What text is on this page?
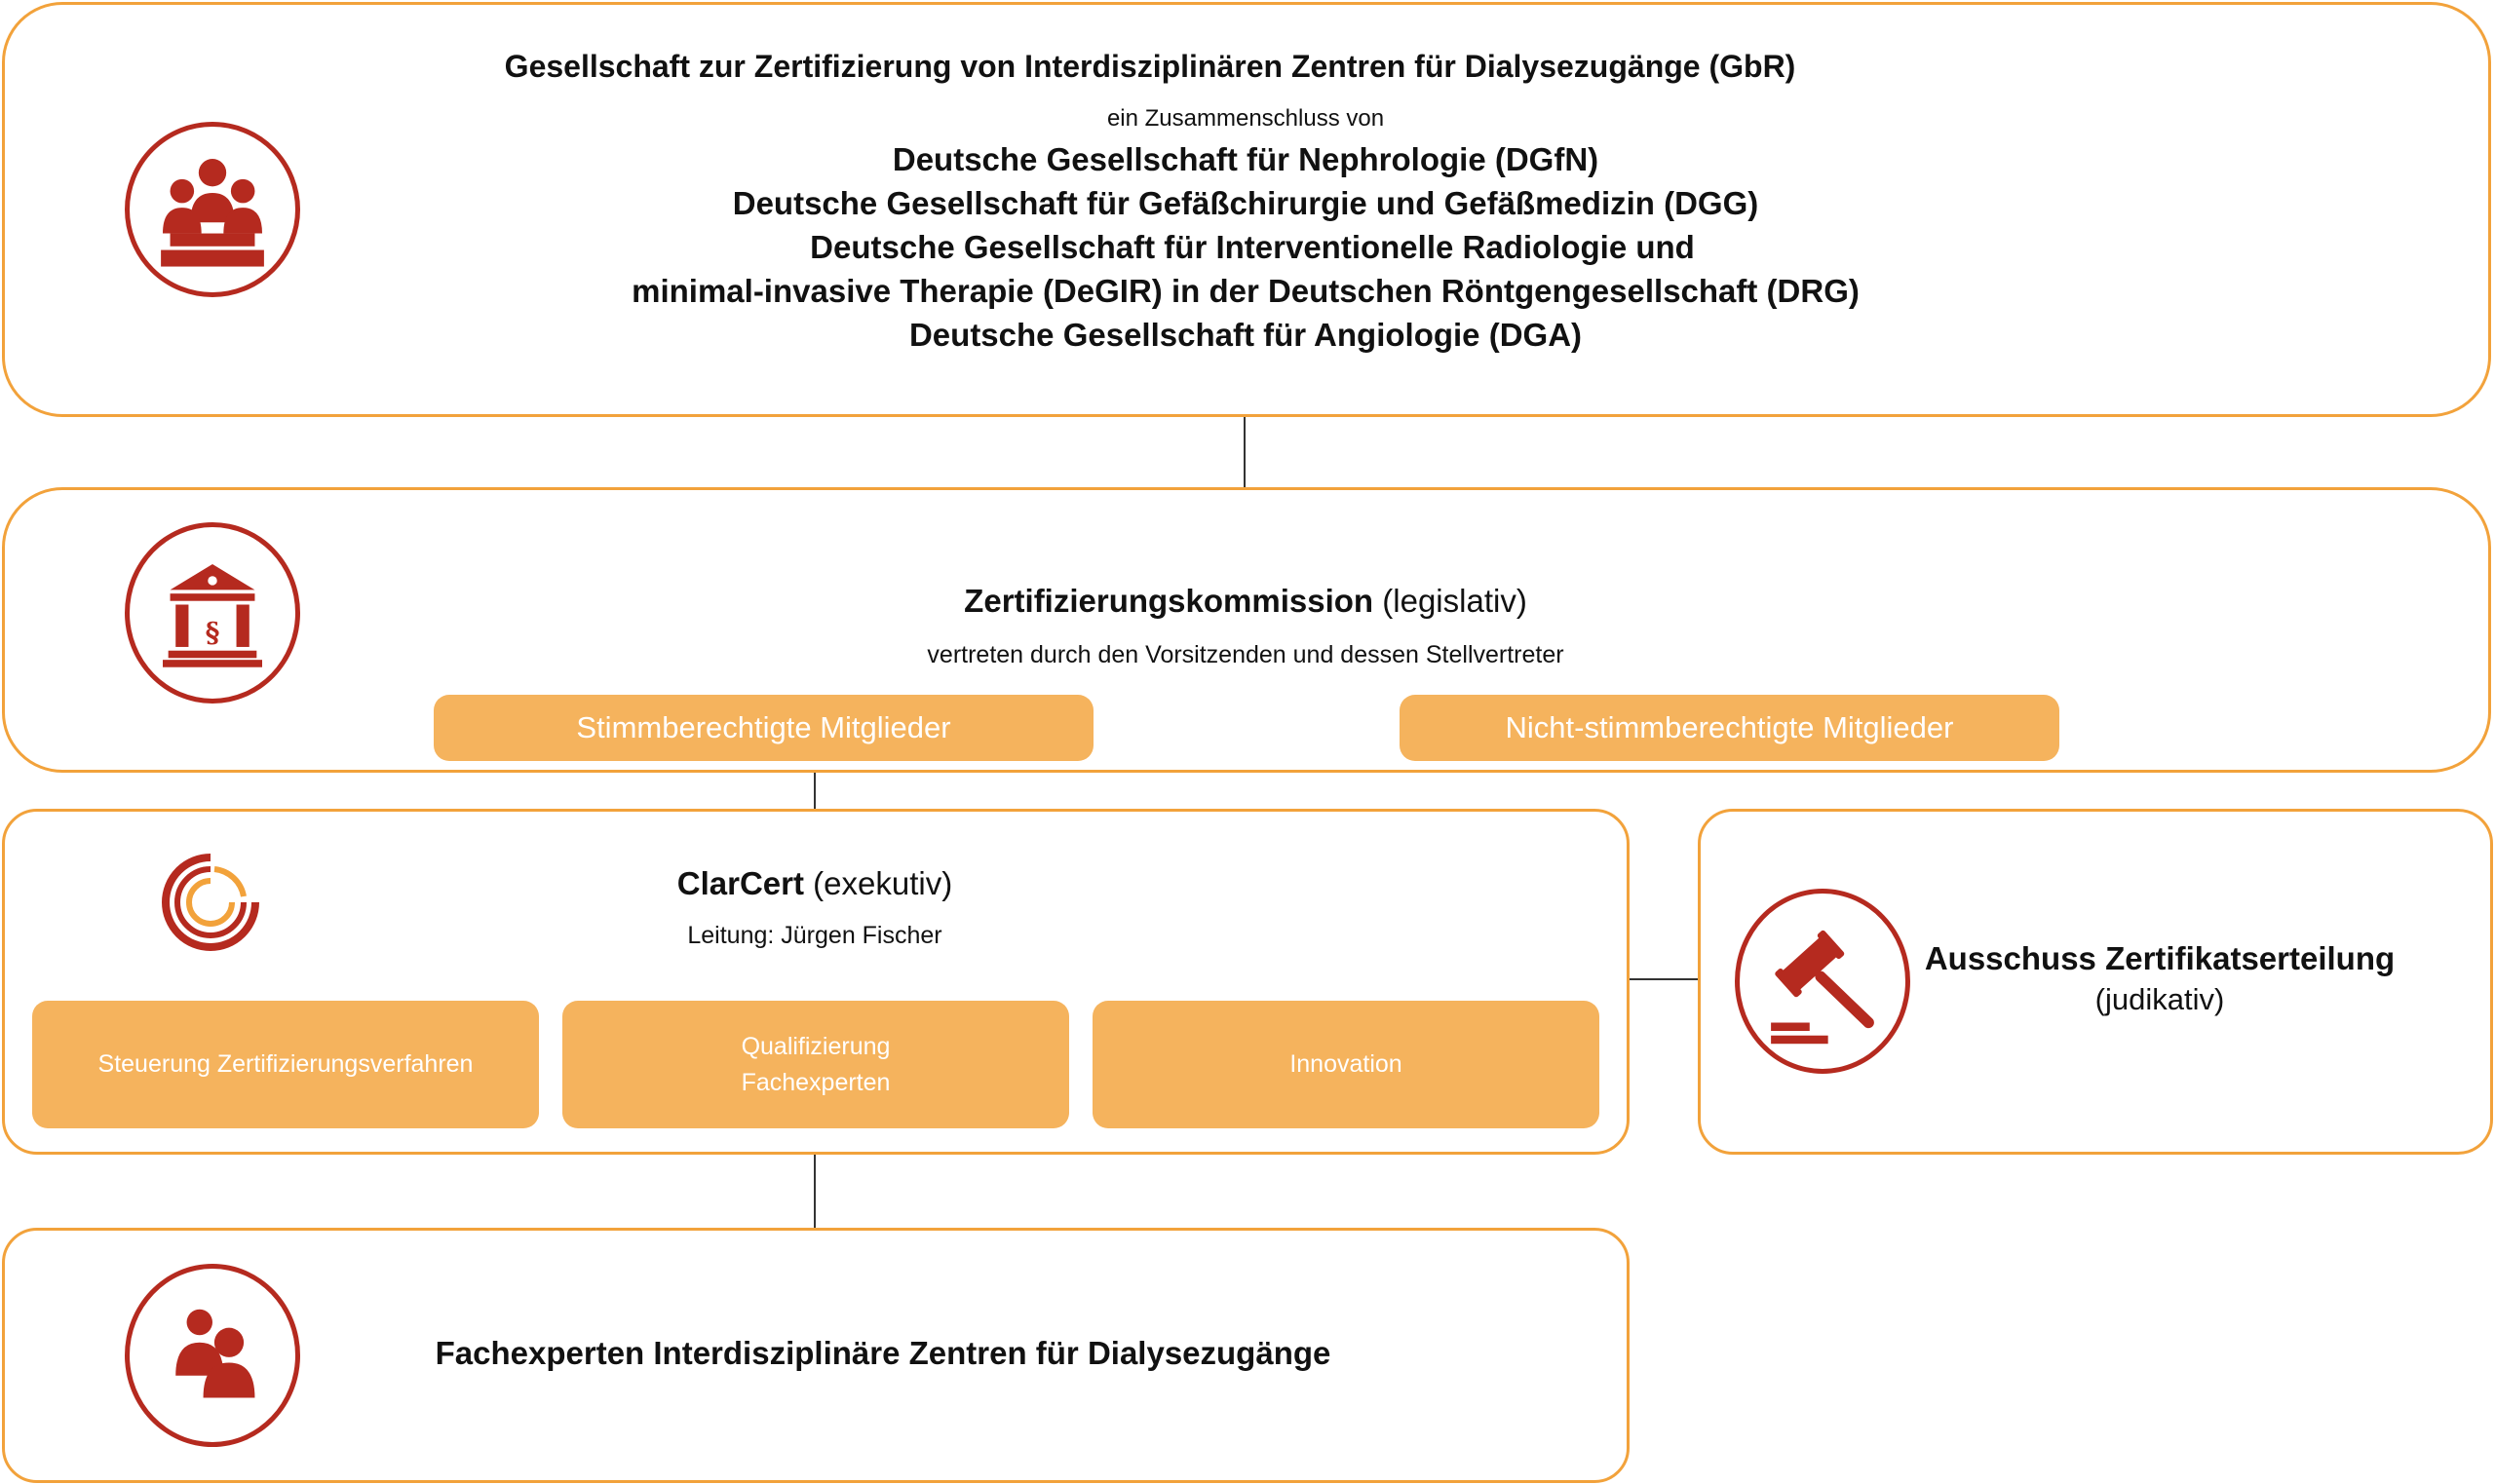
Gesellschaft zur Zertifizierung von Interdisziplinären Zentren für Dialysezugänge (GbR)
ein Zusammenschluss von
Deutsche Gesellschaft für Nephrologie (DGfN)
Deutsche Gesellschaft für Gefäßchirurgie und Gefäßmedizin (DGG)
Deutsche Gesellschaft für Interventionelle Radiologie und
minimal-invasive Therapie (DeGIR) in der Deutschen Röntgengesellschaft (DRG)
Deutsche Gesellschaft für Angiologie (DGA)
§
Zertifizierungskommission (legislativ)
vertreten durch den Vorsitzenden und dessen Stellvertreter
Stimmberechtigte Mitglieder	Nicht-stimmberechtigte Mitglieder
ClarCert (exekutiv)
Leitung: Jürgen Fischer
Steuerung Zertifizierungsverfahren
Qualifizierung
Fachexperten
Innovation
Ausschuss Zertifikatserteilung
(judikativ)
Fachexperten Interdisziplinäre Zentren für Dialysezugänge
